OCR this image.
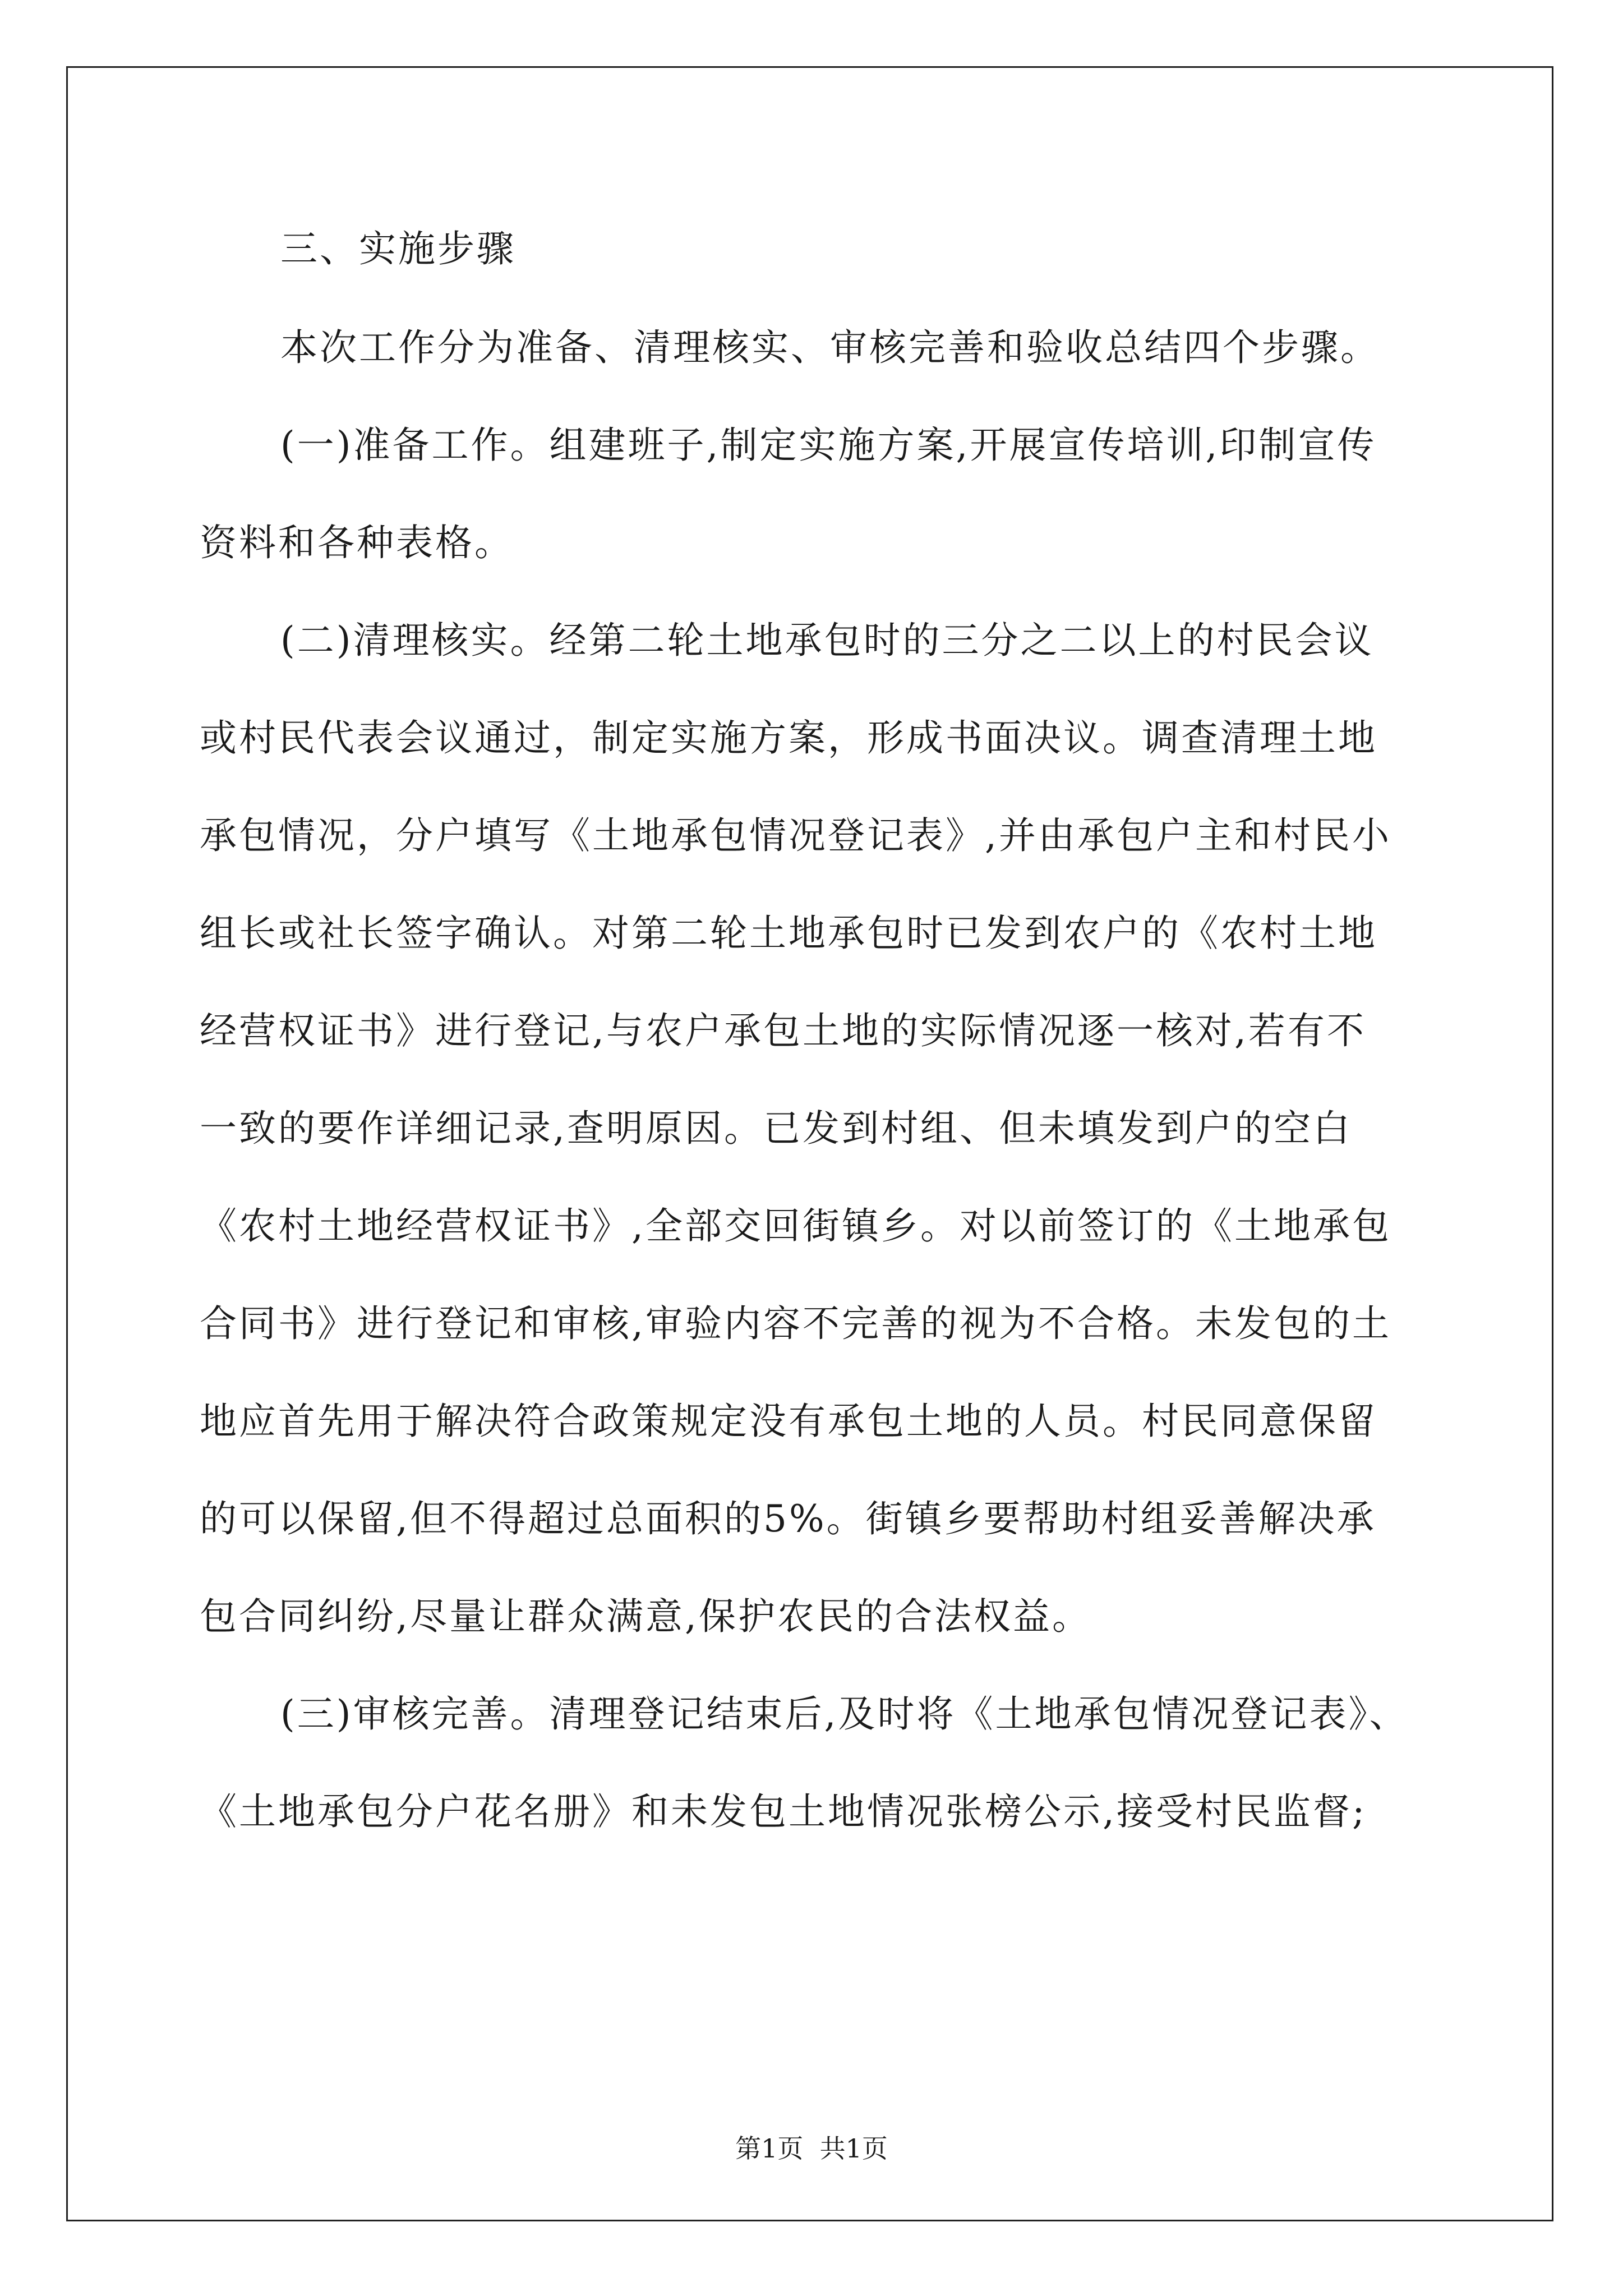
三、实施步骤
本次工作分为准备、清理核实、审核完善和验收总结四个步骤。
(一)准备工作。组建班子,制定实施方案,开展宣传培训,印制宣传
资料和各种表格。
(二)清理核实。经第二轮土地承包时的三分之二以上的村民会议
或村民代表会议通过，制定实施方案，形成书面决议。调查清理土地
承包情况，分户填写《土地承包情况登记表》,并由承包户主和村民小
组长或社长签字确认。对第二轮土地承包时已发到农户的《农村土地
经营权证书》进行登记,与农户承包土地的实际情况逐一核对,若有不
一致的要作详细记录,查明原因。已发到村组、但未填发到户的空白
《农村土地经营权证书》,全部交回街镇乡。对以前签订的《土地承包
合同书》进行登记和审核,审验内容不完善的视为不合格。未发包的土
地应首先用于解决符合政策规定没有承包土地的人员。村民同意保留
的可以保留,但不得超过总面积的5%。街镇乡要帮助村组妥善解决承
包合同纠纷,尽量让群众满意,保护农民的合法权益。
(三)审核完善。清理登记结束后,及时将《土地承包情况登记表》、
《土地承包分户花名册》和未发包土地情况张榜公示,接受村民监督;
第1页  共1页
